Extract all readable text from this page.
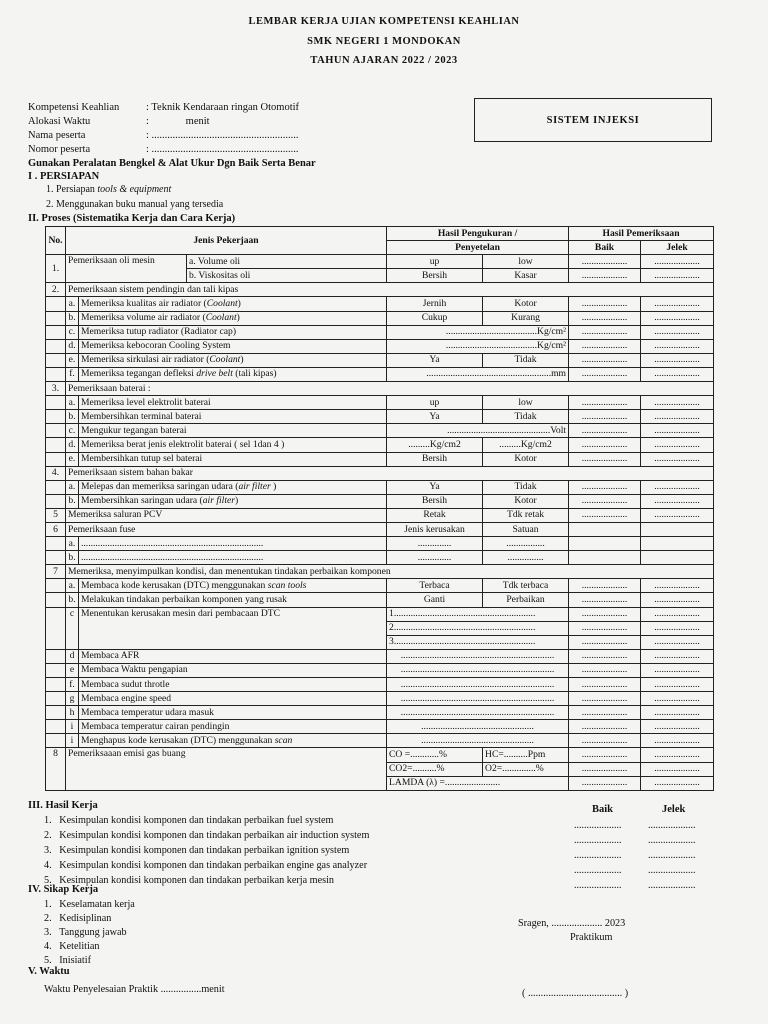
LEMBAR KERJA UJIAN KOMPETENSI KEAHLIAN
SMK NEGERI 1 MONDOKAN
TAHUN AJARAN 2022 / 2023
Kompetensi Keahlian	: Teknik Kendaraan ringan Otomotif
Alokasi Waktu	:              menit
Nama peserta	: ........................................................
Nomor peserta	: ........................................................
SISTEM INJEKSI
Gunakan Peralatan Bengkel & Alat Ukur Dgn Baik Serta Benar
I . PERSIAPAN
1. Persiapan tools & equipment
2. Menggunakan buku manual yang tersedia
II. Proses (Sistematika Kerja dan Cara Kerja)
No.	Jenis Pekerjaan			Hasil Pengukuran /		Hasil Pemeriksaan	
				Penyetelan		Baik	Jelek
1.	Pemeriksaan oli mesin		a. Volume oli	up	low	...................	...................
			b. Viskositas oli	Bersih	Kasar	...................	...................
2.	Pemeriksaan sistem pendingin dan tali kipas						
	a.	Memeriksa kualitas air radiator (Coolant)		Jernih	Kotor	...................	...................
	b.	Memeriksa volume air radiator (Coolant)		Cukup	Kurang	...................	...................
	c.	Memeriksa tutup radiator (Radiator cap)		......................................Kg/cm²		...................	...................
	d.	Memeriksa kebocoran Cooling System		......................................Kg/cm²		...................	...................
	e.	Memeriksa sirkulasi air radiator (Coolant)		Ya	Tidak	...................	...................
	f.	Memeriksa tegangan defleksi drive belt (tali kipas)		....................................................mm		...................	...................
3.	Pemeriksaan baterai :						
	a.	Memeriksa level elektrolit baterai		up	low	...................	...................
	b.	Membersihkan terminal baterai		Ya	Tidak	...................	...................
	c.	Mengukur tegangan baterai		...........................................Volt		...................	...................
	d.	Memeriksa berat jenis elektrolit baterai ( sel 1dan 4 )		.........Kg/cm2	.........Kg/cm2	...................	...................
	e.	Membersihkan tutup sel baterai		Bersih	Kotor	...................	...................
4.	Pemeriksaan sistem bahan bakar						
	a.	Melepas dan memeriksa saringan udara (air filter )		Ya	Tidak	...................	...................
	b.	Membersihkan saringan udara (air filter)		Bersih	Kotor	...................	...................
5	Memeriksa saluran PCV			Retak	Tdk retak	...................	...................
6	Pemeriksaan fuse			Jenis kerusakan	Satuan		
	a.	............................................................................		..............	................		
	b.	............................................................................		..............	...............		
7	Memeriksa, menyimpulkan kondisi, dan menentukan tindakan perbaikan komponen						
	a.	Membaca kode kerusakan (DTC) menggunakan scan tools		Terbaca	Tdk terbaca	...................	...................
	b.	Melakukan tindakan perbaikan komponen yang rusak		Ganti	Perbaikan	...................	...................
	c	Menentukan kerusakan mesin dari pembacaan DTC		1...........................................................		...................	...................
				2...........................................................		...................	...................
				3...........................................................		...................	...................
	d	Membaca AFR		................................................................		...................	...................
	e	Membaca Waktu pengapian		................................................................		...................	...................
	f.	Membaca sudut throtle		................................................................		...................	...................
	g	Membaca engine speed		................................................................		...................	...................
	h	Membaca temperatur udara masuk		................................................................		...................	...................
	i	Membaca temperatur cairan pendingin		...............................................		...................	...................
	i	Menghapus kode kerusakan (DTC) menggunakan scan		...............................................		...................	...................
8	Pemeriksaaan emisi gas buang			CO =............%	HC=..........Ppm	...................	...................
				CO2=..........%	O2=..............%	...................	...................
				LAMDA (λ) =.......................		...................	...................
III. Hasil Kerja	Baik	Jelek
1.   Kesimpulan kondisi komponen dan tindakan perbaikan fuel system
2.   Kesimpulan kondisi komponen dan tindakan perbaikan air induction system
3.   Kesimpulan kondisi komponen dan tindakan perbaikan ignition system
4.   Kesimpulan kondisi komponen dan tindakan perbaikan engine gas analyzer
5.   Kesimpulan kondisi komponen dan tindakan perbaikan kerja mesin
...................	...................
...................	...................
...................	...................
...................	...................
...................	...................
IV. Sikap Kerja
1.   Keselamatan kerja
2.   Kedisiplinan
3.   Tanggung jawab
4.   Ketelitian
5.   Inisiatif
Sragen, .................... 2023
Praktikum
( ..................................... )
V. Waktu
Waktu Penyelesaian Praktik ................menit
